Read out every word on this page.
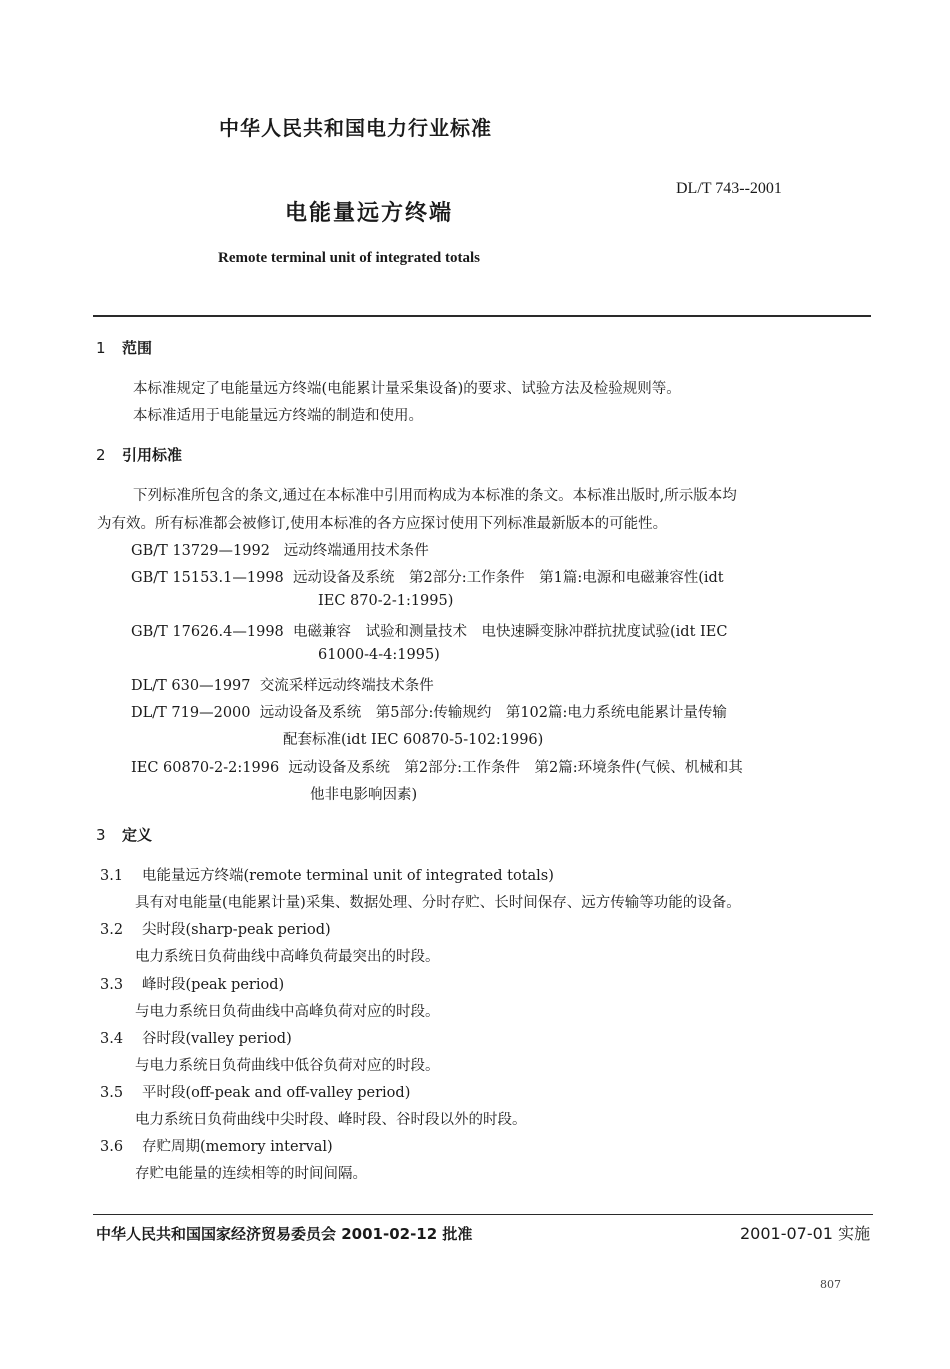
中华人民共和国电力行业标准
DL/T 743--2001
电能量远方终端
Remote terminal unit of integrated totals
1 范围
本标准规定了电能量远方终端(电能累计量采集设备)的要求、试验方法及检验规则等。
本标准适用于电能量远方终端的制造和使用。
2 引用标准
下列标准所包含的条文,通过在本标准中引用而构成为本标准的条文。本标准出版时,所示版本均
为有效。所有标准都会被修订,使用本标准的各方应探讨使用下列标准最新版本的可能性。
GB/T 13729—1992 远动终端通用技术条件
GB/T 15153.1—1998 远动设备及系统　第2部分:工作条件　第1篇:电源和电磁兼容性(idt
IEC 870-2-1:1995)
GB/T 17626.4—1998 电磁兼容　试验和测量技术　电快速瞬变脉冲群抗扰度试验(idt IEC
61000-4-4:1995)
DL/T 630—1997 交流采样远动终端技术条件
DL/T 719—2000 远动设备及系统　第5部分:传输规约　第102篇:电力系统电能累计量传输
配套标准(idt IEC 60870-5-102:1996)
IEC 60870-2-2:1996 远动设备及系统　第2部分:工作条件　第2篇:环境条件(气候、机械和其
他非电影响因素)
3 定义
3.1 电能量远方终端(remote terminal unit of integrated totals)
具有对电能量(电能累计量)采集、数据处理、分时存贮、长时间保存、远方传输等功能的设备。
3.2 尖时段(sharp-peak period)
电力系统日负荷曲线中高峰负荷最突出的时段。
3.3 峰时段(peak period)
与电力系统日负荷曲线中高峰负荷对应的时段。
3.4 谷时段(valley period)
与电力系统日负荷曲线中低谷负荷对应的时段。
3.5 平时段(off-peak and off-valley period)
电力系统日负荷曲线中尖时段、峰时段、谷时段以外的时段。
3.6 存贮周期(memory interval)
存贮电能量的连续相等的时间间隔。
中华人民共和国国家经济贸易委员会 2001-02-12 批准	2001-07-01 实施
807
